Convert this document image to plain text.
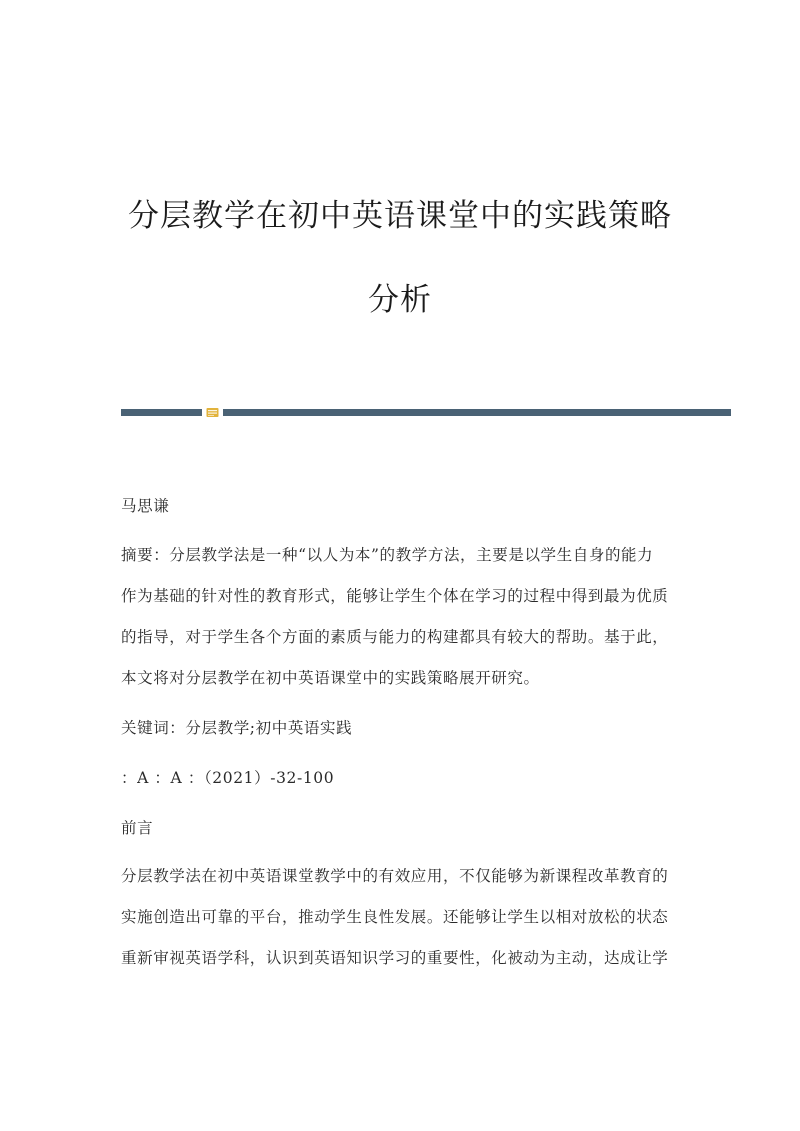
分层教学在初中英语课堂中的实践策略
分析
马思谦
摘要：分层教学法是一种“以人为本”的教学方法，主要是以学生自身的能力
作为基础的针对性的教育形式，能够让学生个体在学习的过程中得到最为优质
的指导，对于学生各个方面的素质与能力的构建都具有较大的帮助。基于此，
本文将对分层教学在初中英语课堂中的实践策略展开研究。
关键词：分层教学;初中英语实践
：A ：A ：（2021）-32-100
前言
分层教学法在初中英语课堂教学中的有效应用，不仅能够为新课程改革教育的
实施创造出可靠的平台，推动学生良性发展。还能够让学生以相对放松的状态
重新审视英语学科，认识到英语知识学习的重要性，化被动为主动，达成让学
